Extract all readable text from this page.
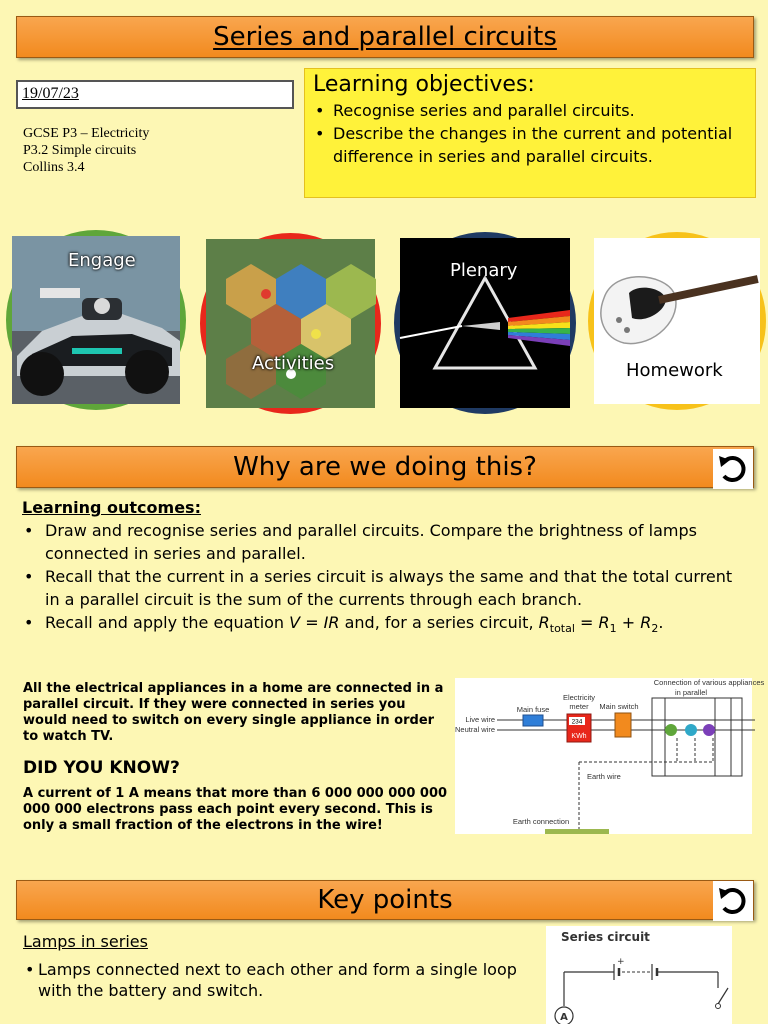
Series and parallel circuits
19/07/23
GCSE P3 – Electricity
P3.2 Simple circuits
Collins 3.4
Learning objectives:
• Recognise series and parallel circuits.
• Describe the changes in the current and potential difference in series and parallel circuits.
Engage
Activities
Plenary
Homework
Why are we doing this?
Learning outcomes:
• Draw and recognise series and parallel circuits. Compare the brightness of lamps connected in series and parallel.
• Recall that the current in a series circuit is always the same and that the total current in a parallel circuit is the sum of the currents through each branch.
• Recall and apply the equation V = IR and, for a series circuit, $R_{total} = R_1 + R_2$.
All the electrical appliances in a home are connected in a parallel circuit. If they were connected in series you would need to switch on every single appliance in order to watch TV.
DID YOU KNOW?
A current of 1 A means that more than 6 000 000 000 000 000 000 electrons pass each point every second. This is only a small fraction of the electrons in the wire!
Connection of various appliances
in parallel
Live wire
Neutral wire
Main fuse
Electricity
meter Main switch
234
KWh
Earth wire
Earth connection
Key points
Lamps in series
• Lamps connected next to each other and form a single loop with the battery and switch.
Series circuit
+
A
